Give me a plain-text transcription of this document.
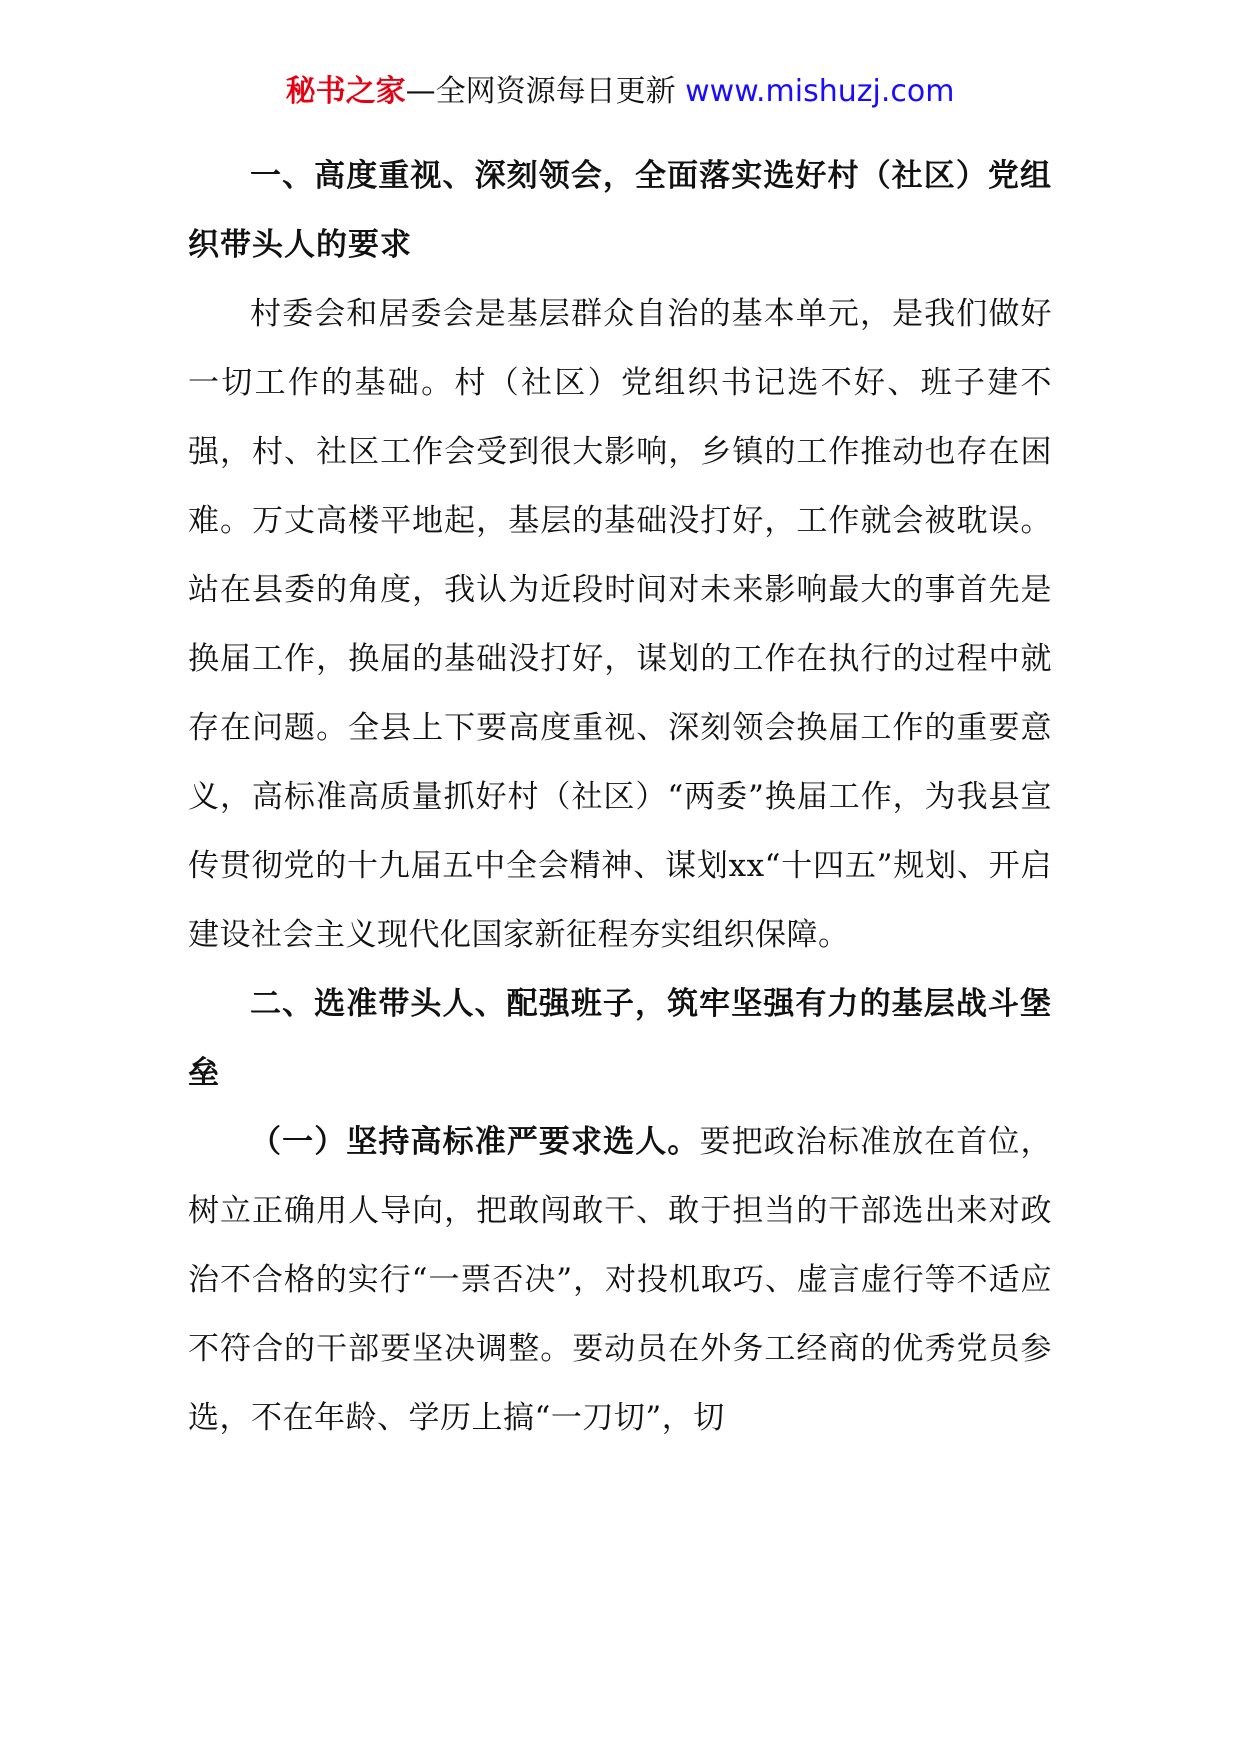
秘书之家—全网资源每日更新 www.mishuzj.com

一、高度重视、深刻领会，全面落实选好村（社区）党组织带头人的要求

村委会和居委会是基层群众自治的基本单元，是我们做好一切工作的基础。村（社区）党组织书记选不好、班子建不强，村、社区工作会受到很大影响，乡镇的工作推动也存在困难。万丈高楼平地起，基层的基础没打好，工作就会被耽误。站在县委的角度，我认为近段时间对未来影响最大的事首先是换届工作，换届的基础没打好，谋划的工作在执行的过程中就存在问题。全县上下要高度重视、深刻领会换届工作的重要意义，高标准高质量抓好村（社区）“两委”换届工作，为我县宣传贯彻党的十九届五中全会精神、谋划xx“十四五”规划、开启建设社会主义现代化国家新征程夯实组织保障。

二、选准带头人、配强班子，筑牢坚强有力的基层战斗堡垒

（一）坚持高标准严要求选人。要把政治标准放在首位，树立正确用人导向，把敢闯敢干、敢于担当的干部选出来对政治不合格的实行“一票否决”，对投机取巧、虚言虚行等不适应不符合的干部要坚决调整。要动员在外务工经商的优秀党员参选，不在年龄、学历上搞“一刀切”，切
